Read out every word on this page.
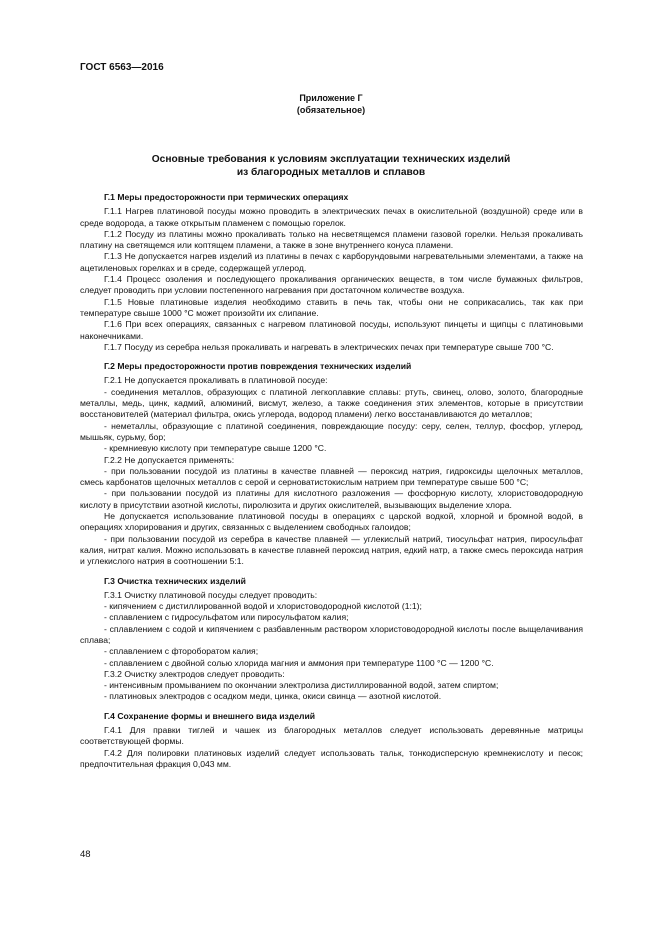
ГОСТ 6563—2016
Приложение Г
(обязательное)
Основные требования к условиям эксплуатации технических изделий
из благородных металлов и сплавов
Г.1 Меры предосторожности при термических операциях

Г.1.1 Нагрев платиновой посуды можно проводить в электрических печах в окислительной (воздушной) среде или в среде водорода, а также открытым пламенем с помощью горелок.

Г.1.2 Посуду из платины можно прокаливать только на несветящемся пламени газовой горелки. Нельзя прокаливать платину на светящемся или коптящем пламени, а также в зоне внутреннего конуса пламени.

Г.1.3 Не допускается нагрев изделий из платины в печах с карборундовыми нагревательными элементами, а также на ацетиленовых горелках и в среде, содержащей углерод.

Г.1.4 Процесс озоления и последующего прокаливания органических веществ, в том числе бумажных фильтров, следует проводить при условии постепенного нагревания при достаточном количестве воздуха.

Г.1.5 Новые платиновые изделия необходимо ставить в печь так, чтобы они не соприкасались, так как при температуре свыше 1000 °С может произойти их слипание.

Г.1.6 При всех операциях, связанных с нагревом платиновой посуды, используют пинцеты и щипцы с платиновыми наконечниками.

Г.1.7 Посуду из серебра нельзя прокаливать и нагревать в электрических печах при температуре свыше 700 °С.

Г.2 Меры предосторожности против повреждения технических изделий

Г.2.1 Не допускается прокаливать в платиновой посуде:

- соединения металлов, образующих с платиной легкоплавкие сплавы: ртуть, свинец, олово, золото, благородные металлы, медь, цинк, кадмий, алюминий, висмут, железо, а также соединения этих элементов, которые в присутствии восстановителей (материал фильтра, окись углерода, водород пламени) легко восстанавливаются до металлов;

- неметаллы, образующие с платиной соединения, повреждающие посуду: серу, селен, теллур, фосфор, углерод, мышьяк, сурьму, бор;

- кремниевую кислоту при температуре свыше 1200 °С.

Г.2.2 Не допускается применять:

- при пользовании посудой из платины в качестве плавней — пероксид натрия, гидроксиды щелочных металлов, смесь карбонатов щелочных металлов с серой и серноватистокислым натрием при температуре свыше 500 °С;

- при пользовании посудой из платины для кислотного разложения — фосфорную кислоту, хлористоводородную кислоту в присутствии азотной кислоты, пиролюзита и других окислителей, вызывающих выделение хлора.

Не допускается использование платиновой посуды в операциях с царской водкой, хлорной и бромной водой, в операциях хлорирования и других, связанных с выделением свободных галоидов;

- при пользовании посудой из серебра в качестве плавней — углекислый натрий, тиосульфат натрия, пиросульфат калия, нитрат калия. Можно использовать в качестве плавней пероксид натрия, едкий натр, а также смесь пероксида натрия и углекислого натрия в соотношении 5:1.

Г.3 Очистка технических изделий

Г.3.1 Очистку платиновой посуды следует проводить:

- кипячением с дистиллированной водой и хлористоводородной кислотой (1:1);

- сплавлением с гидросульфатом или пиросульфатом калия;

- сплавлением с содой и кипячением с разбавленным раствором хлористоводородной кислоты после выщелачивания сплава;

- сплавлением с фтороборатом калия;

- сплавлением с двойной солью хлорида магния и аммония при температуре 1100 °С — 1200 °С.

Г.3.2 Очистку электродов следует проводить:

- интенсивным промыванием по окончании электролиза дистиллированной водой, затем спиртом;

- платиновых электродов с осадком меди, цинка, окиси свинца — азотной кислотой.

Г.4 Сохранение формы и внешнего вида изделий

Г.4.1 Для правки тиглей и чашек из благородных металлов следует использовать деревянные матрицы соответствующей формы.

Г.4.2 Для полировки платиновых изделий следует использовать тальк, тонкодисперсную кремнекислоту и песок; предпочтительная фракция 0,043 мм.

48
